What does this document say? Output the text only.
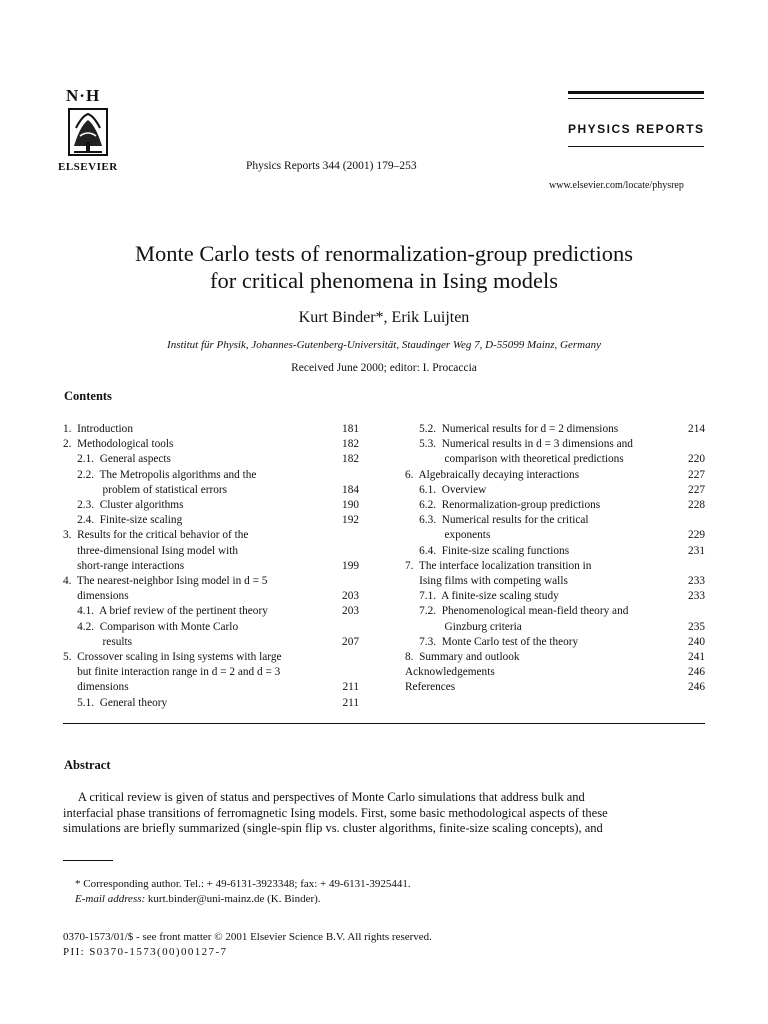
N·H
ELSEVIER	Physics Reports 344 (2001) 179–253
PHYSICS REPORTS
www.elsevier.com/locate/physrep
Monte Carlo tests of renormalization-group predictions
for critical phenomena in Ising models
Kurt Binder*, Erik Luijten
Institut für Physik, Johannes-Gutenberg-Universität, Staudinger Weg 7, D-55099 Mainz, Germany
Received June 2000; editor: I. Procaccia
Contents
1.  Introduction	181
2.  Methodological tools	182
2.1.  General aspects	182
2.2.  The Metropolis algorithms and the
problem of statistical errors	184
2.3.  Cluster algorithms	190
2.4.  Finite-size scaling	192
3.  Results for the critical behavior of the
three-dimensional Ising model with
short-range interactions	199
4.  The nearest-neighbor Ising model in d = 5
dimensions	203
4.1.  A brief review of the pertinent theory	203
4.2.  Comparison with Monte Carlo
results	207
5.  Crossover scaling in Ising systems with large
but finite interaction range in d = 2 and d = 3
dimensions	211
5.1.  General theory	211
5.2.  Numerical results for d = 2 dimensions	214
5.3.  Numerical results in d = 3 dimensions and
comparison with theoretical predictions	220
6.  Algebraically decaying interactions	227
6.1.  Overview	227
6.2.  Renormalization-group predictions	228
6.3.  Numerical results for the critical
exponents	229
6.4.  Finite-size scaling functions	231
7.  The interface localization transition in
Ising films with competing walls	233
7.1.  A finite-size scaling study	233
7.2.  Phenomenological mean-field theory and
Ginzburg criteria	235
7.3.  Monte Carlo test of the theory	240
8.  Summary and outlook	241
Acknowledgements	246
References	246
Abstract
A critical review is given of status and perspectives of Monte Carlo simulations that address bulk and
interfacial phase transitions of ferromagnetic Ising models. First, some basic methodological aspects of these
simulations are briefly summarized (single-spin flip vs. cluster algorithms, finite-size scaling concepts), and
* Corresponding author. Tel.: + 49-6131-3923348; fax: + 49-6131-3925441.
E-mail address: kurt.binder@uni-mainz.de (K. Binder).
0370-1573/01/$ - see front matter © 2001 Elsevier Science B.V. All rights reserved.
PII: S0370-1573(00)00127-7
